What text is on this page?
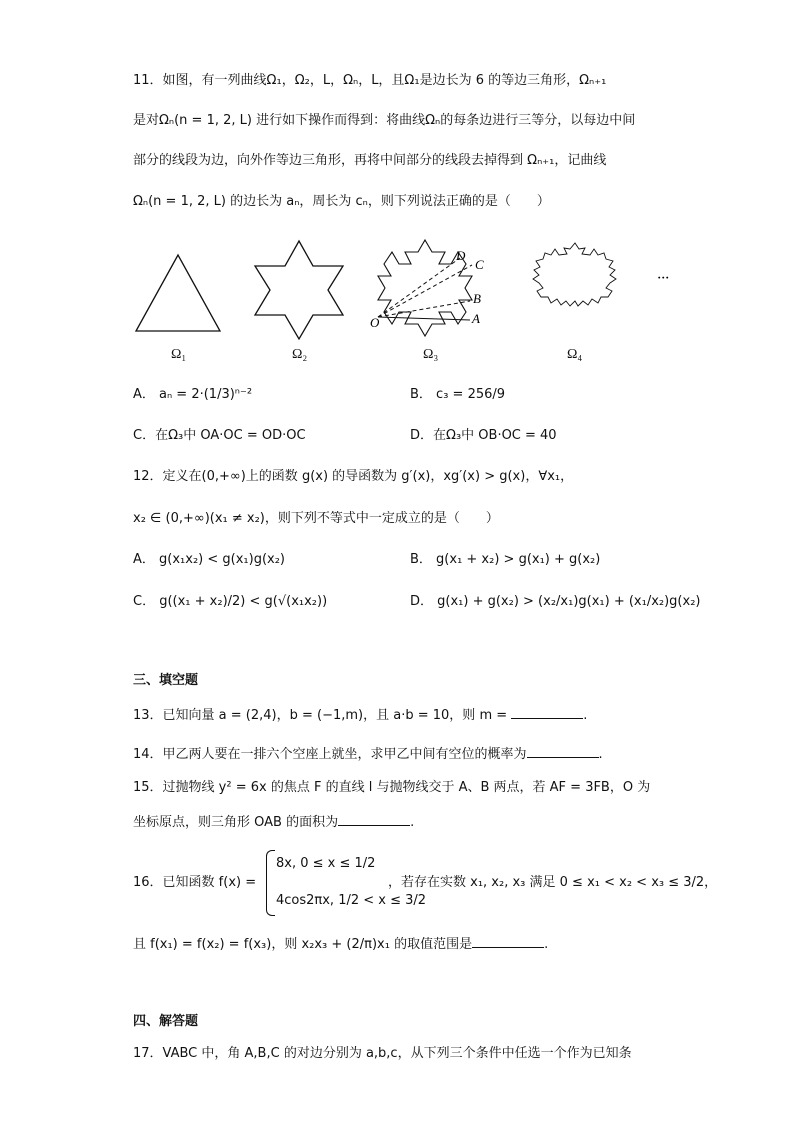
11．如图，有一列曲线Ω₁，Ω₂，L，Ωₙ，L，且Ω₁是边长为 6 的等边三角形，Ωₙ₊₁
是对Ωₙ(n = 1, 2, L) 进行如下操作而得到：将曲线Ωₙ的每条边进行三等分，以每边中间
部分的线段为边，向外作等边三角形，再将中间部分的线段去掉得到 Ωₙ₊₁，记曲线
Ωₙ(n = 1, 2, L) 的边长为 aₙ，周长为 cₙ，则下列说法正确的是（　　）
D
C
B
A
O
···
Ω₁	Ω₂	Ω₃	Ω₄
A． aₙ = 2·(1/3)ⁿ⁻²	B． c₃ = 256/9
C．在Ω₃中 OA·OC = OD·OC	D．在Ω₃中 OB·OC = 40
12．定义在(0,+∞)上的函数 g(x) 的导函数为 g′(x)，xg′(x) > g(x)，∀x₁，
x₂ ∈ (0,+∞)(x₁ ≠ x₂)，则下列不等式中一定成立的是（　　）
A． g(x₁x₂) < g(x₁)g(x₂)	B． g(x₁ + x₂) > g(x₁) + g(x₂)
C． g((x₁ + x₂)/2) < g(√(x₁x₂))	D． g(x₁) + g(x₂) > (x₂/x₁)g(x₁) + (x₁/x₂)g(x₂)
三、填空题
13．已知向量 a = (2,4)，b = (−1,m)，且 a·b = 10，则 m =	.
14．甲乙两人要在一排六个空座上就坐，求甲乙中间有空位的概率为	.
15．过抛物线 y² = 6x 的焦点 F 的直线 l 与抛物线交于 A、B 两点，若 AF = 3FB，O 为
坐标原点，则三角形 OAB 的面积为	.
16．已知函数 f(x) =
8x, 0 ≤ x ≤ 1/2
4cos2πx, 1/2 < x ≤ 3/2
，若存在实数 x₁, x₂, x₃ 满足 0 ≤ x₁ < x₂ < x₃ ≤ 3/2，
且 f(x₁) = f(x₂) = f(x₃)，则 x₂x₃ + (2/π)x₁ 的取值范围是	.
四、解答题
17．VABC 中，角 A,B,C 的对边分别为 a,b,c，从下列三个条件中任选一个作为已知条
